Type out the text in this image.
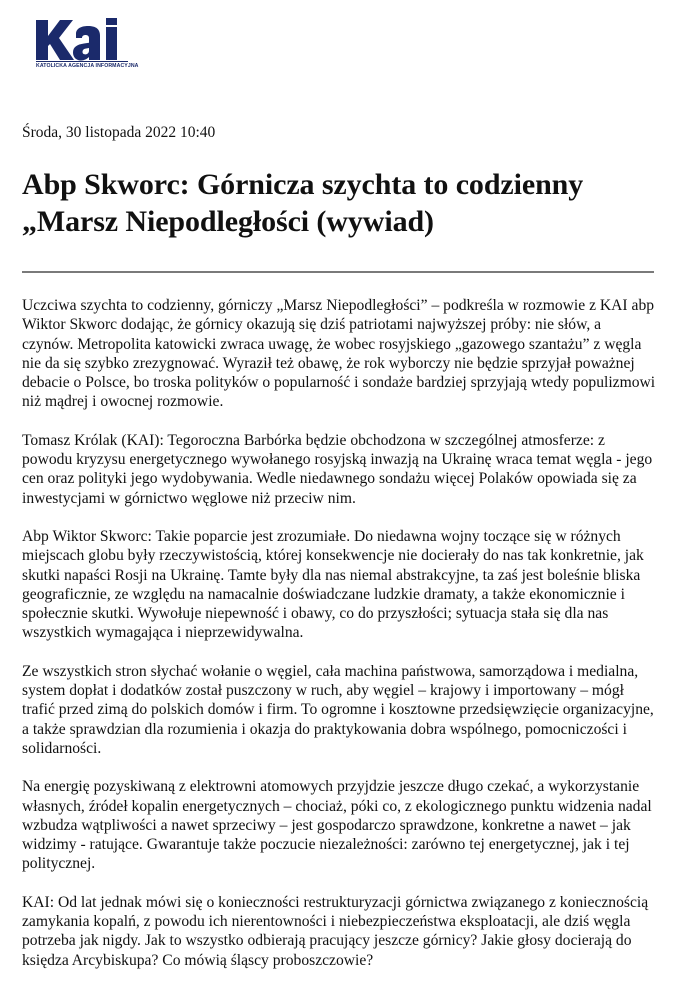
KATOLICKA AGENCJA INFORMACYJNA
Środa, 30 listopada 2022 10:40
Abp Skworc: Górnicza szychta to codzienny „Marsz Niepodległości (wywiad)

Uczciwa szychta to codzienny, górniczy „Marsz Niepodległości” – podkreśla w rozmowie z KAI abp Wiktor Skworc dodając, że górnicy okazują się dziś patriotami najwyższej próby: nie słów, a czynów. Metropolita katowicki zwraca uwagę, że wobec rosyjskiego „gazowego szantażu” z węgla nie da się szybko zrezygnować. Wyraził też obawę, że rok wyborczy nie będzie sprzyjał poważnej debacie o Polsce, bo troska polityków o popularność i sondaże bardziej sprzyjają wtedy populizmowi niż mądrej i owocnej rozmowie.

Tomasz Królak (KAI): Tegoroczna Barbórka będzie obchodzona w szczególnej atmosferze: z powodu kryzysu energetycznego wywołanego rosyjską inwazją na Ukrainę wraca temat węgla - jego cen oraz polityki jego wydobywania. Wedle niedawnego sondażu więcej Polaków opowiada się za inwestycjami w górnictwo węglowe niż przeciw nim.

Abp Wiktor Skworc: Takie poparcie jest zrozumiałe. Do niedawna wojny toczące się w różnych miejscach globu były rzeczywistością, której konsekwencje nie docierały do nas tak konkretnie, jak skutki napaści Rosji na Ukrainę. Tamte były dla nas niemal abstrakcyjne, ta zaś jest boleśnie bliska geograficznie, ze względu na namacalnie doświadczane ludzkie dramaty, a także ekonomicznie i społecznie skutki. Wywołuje niepewność i obawy, co do przyszłości; sytuacja stała się dla nas wszystkich wymagająca i nieprzewidywalna.

Ze wszystkich stron słychać wołanie o węgiel, cała machina państwowa, samorządowa i medialna, system dopłat i dodatków został puszczony w ruch, aby węgiel – krajowy i importowany – mógł trafić przed zimą do polskich domów i firm. To ogromne i kosztowne przedsięwzięcie organizacyjne, a także sprawdzian dla rozumienia i okazja do praktykowania dobra wspólnego, pomocniczości i solidarności.

Na energię pozyskiwaną z elektrowni atomowych przyjdzie jeszcze długo czekać, a wykorzystanie własnych, źródeł kopalin energetycznych – chociaż, póki co, z ekologicznego punktu widzenia nadal wzbudza wątpliwości a nawet sprzeciwy – jest gospodarczo sprawdzone, konkretne a nawet – jak widzimy - ratujące. Gwarantuje także poczucie niezależności: zarówno tej energetycznej, jak i tej politycznej.

KAI: Od lat jednak mówi się o konieczności restrukturyzacji górnictwa związanego z koniecznością zamykania kopalń, z powodu ich nierentowności i niebezpieczeństwa eksploatacji, ale dziś węgla potrzeba jak nigdy. Jak to wszystko odbierają pracujący jeszcze górnicy? Jakie głosy docierają do księdza Arcybiskupa? Co mówią śląscy proboszczowie?
